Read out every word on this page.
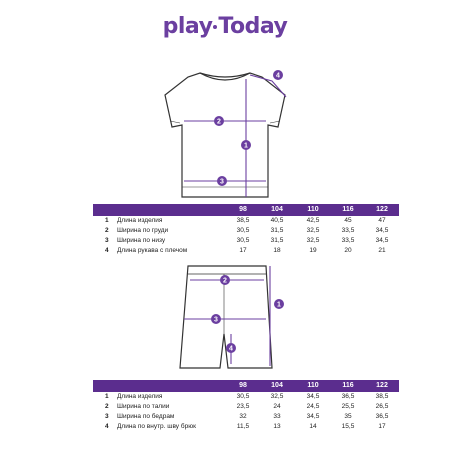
play Today
1
2
3
4
98	104	110	116	122
1 Длина изделия	38,5	40,5	42,5	45	47
2 Ширина по груди	30,5	31,5	32,5	33,5	34,5
3 Ширина по низу	30,5	31,5	32,5	33,5	34,5
4 Длина рукава с плечом	17	18	19	20	21
1
2
3
4
98	104	110	116	122
1 Длина изделия	30,5	32,5	34,5	36,5	38,5
2 Ширина по талии	23,5	24	24,5	25,5	26,5
3 Ширина по бедрам	32	33	34,5	35	36,5
4 Длина по внутр. шву брюк	11,5	13	14	15,5	17
